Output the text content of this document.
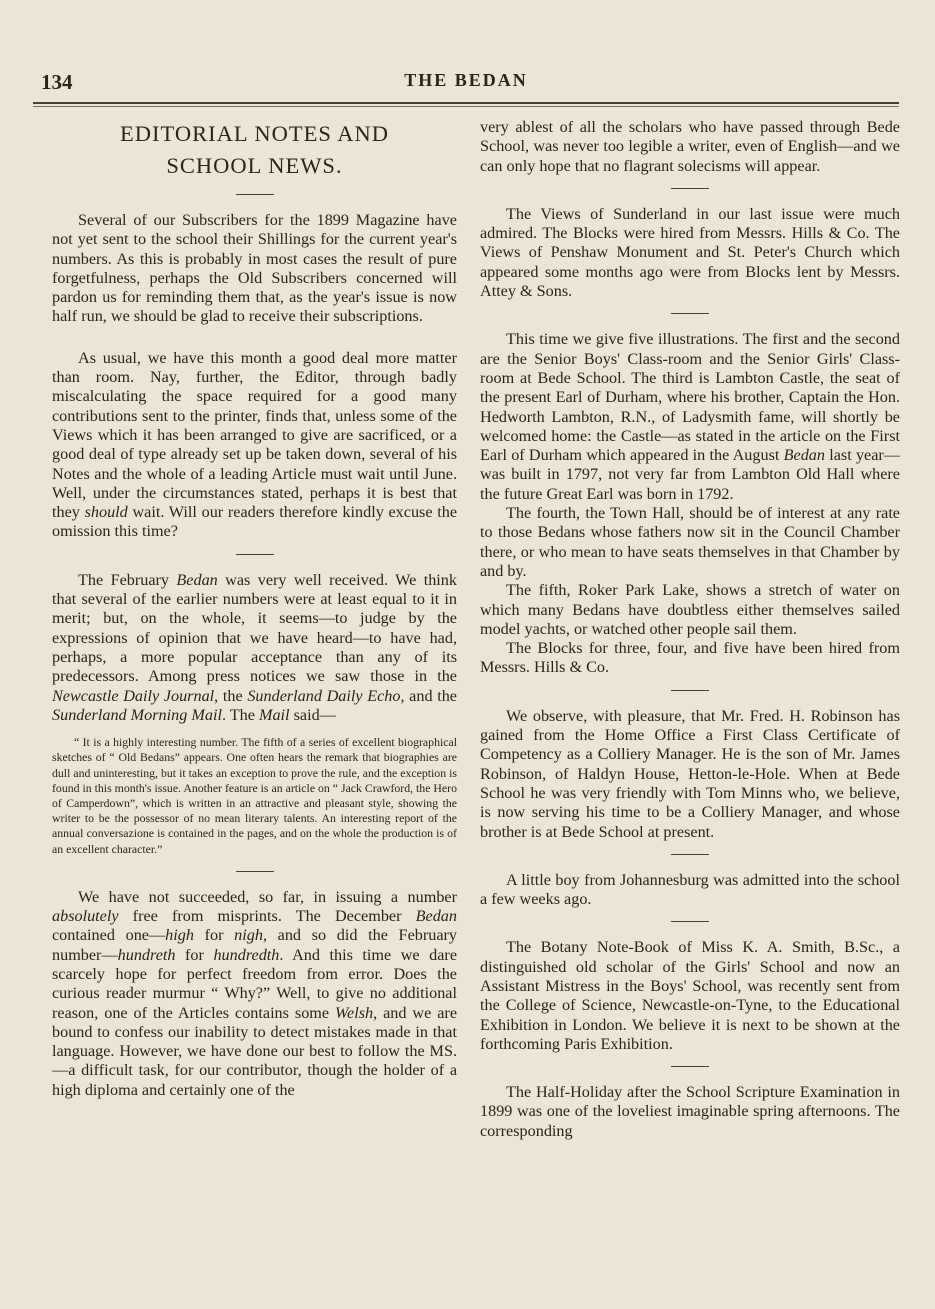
134	THE BEDAN
EDITORIAL NOTES AND
SCHOOL NEWS.

Several of our Subscribers for the 1899 Magazine have not yet sent to the school their Shillings for the current year's numbers. As this is probably in most cases the result of pure forgetfulness, perhaps the Old Subscribers concerned will pardon us for reminding them that, as the year's issue is now half run, we should be glad to receive their subscriptions.

As usual, we have this month a good deal more matter than room. Nay, further, the Editor, through badly miscalculating the space required for a good many contributions sent to the printer, finds that, unless some of the Views which it has been arranged to give are sacrificed, or a good deal of type already set up be taken down, several of his Notes and the whole of a leading Article must wait until June. Well, under the circumstances stated, perhaps it is best that they should wait. Will our readers therefore kindly excuse the omission this time?

The February Bedan was very well received. We think that several of the earlier numbers were at least equal to it in merit; but, on the whole, it seems—to judge by the expressions of opinion that we have heard—to have had, perhaps, a more popular acceptance than any of its predecessors. Among press notices we saw those in the Newcastle Daily Journal, the Sunderland Daily Echo, and the Sunderland Morning Mail. The Mail said—

“ It is a highly interesting number. The fifth of a series of excellent biographical sketches of “ Old Bedans” appears. One often hears the remark that biographies are dull and uninteresting, but it takes an exception to prove the rule, and the exception is found in this month's issue. Another feature is an article on “ Jack Crawford, the Hero of Camperdown”, which is written in an attractive and pleasant style, showing the writer to be the possessor of no mean literary talents. An interesting report of the annual conversazione is contained in the pages, and on the whole the production is of an excellent character.”

We have not succeeded, so far, in issuing a number absolutely free from misprints. The December Bedan contained one—high for nigh, and so did the February number—hundreth for hundredth. And this time we dare scarcely hope for perfect freedom from error. Does the curious reader murmur “ Why?” Well, to give no additional reason, one of the Articles contains some Welsh, and we are bound to confess our inability to detect mistakes made in that language. However, we have done our best to follow the MS.—a difficult task, for our contributor, though the holder of a high diploma and certainly one of the

very ablest of all the scholars who have passed through Bede School, was never too legible a writer, even of English—and we can only hope that no flagrant solecisms will appear.

The Views of Sunderland in our last issue were much admired. The Blocks were hired from Messrs. Hills & Co. The Views of Penshaw Monument and St. Peter's Church which appeared some months ago were from Blocks lent by Messrs. Attey & Sons.

This time we give five illustrations. The first and the second are the Senior Boys' Class-room and the Senior Girls' Class-room at Bede School. The third is Lambton Castle, the seat of the present Earl of Durham, where his brother, Captain the Hon. Hedworth Lambton, R.N., of Ladysmith fame, will shortly be welcomed home: the Castle—as stated in the article on the First Earl of Durham which appeared in the August Bedan last year—was built in 1797, not very far from Lambton Old Hall where the future Great Earl was born in 1792.

The fourth, the Town Hall, should be of interest at any rate to those Bedans whose fathers now sit in the Council Chamber there, or who mean to have seats themselves in that Chamber by and by.

The fifth, Roker Park Lake, shows a stretch of water on which many Bedans have doubtless either themselves sailed model yachts, or watched other people sail them.

The Blocks for three, four, and five have been hired from Messrs. Hills & Co.

We observe, with pleasure, that Mr. Fred. H. Robinson has gained from the Home Office a First Class Certificate of Competency as a Colliery Manager. He is the son of Mr. James Robinson, of Haldyn House, Hetton-le-Hole. When at Bede School he was very friendly with Tom Minns who, we believe, is now serving his time to be a Colliery Manager, and whose brother is at Bede School at present.

A little boy from Johannesburg was admitted into the school a few weeks ago.

The Botany Note-Book of Miss K. A. Smith, B.Sc., a distinguished old scholar of the Girls' School and now an Assistant Mistress in the Boys' School, was recently sent from the College of Science, Newcastle-on-Tyne, to the Educational Exhibition in London. We believe it is next to be shown at the forthcoming Paris Exhibition.

The Half-Holiday after the School Scripture Examination in 1899 was one of the loveliest imaginable spring afternoons. The corresponding
